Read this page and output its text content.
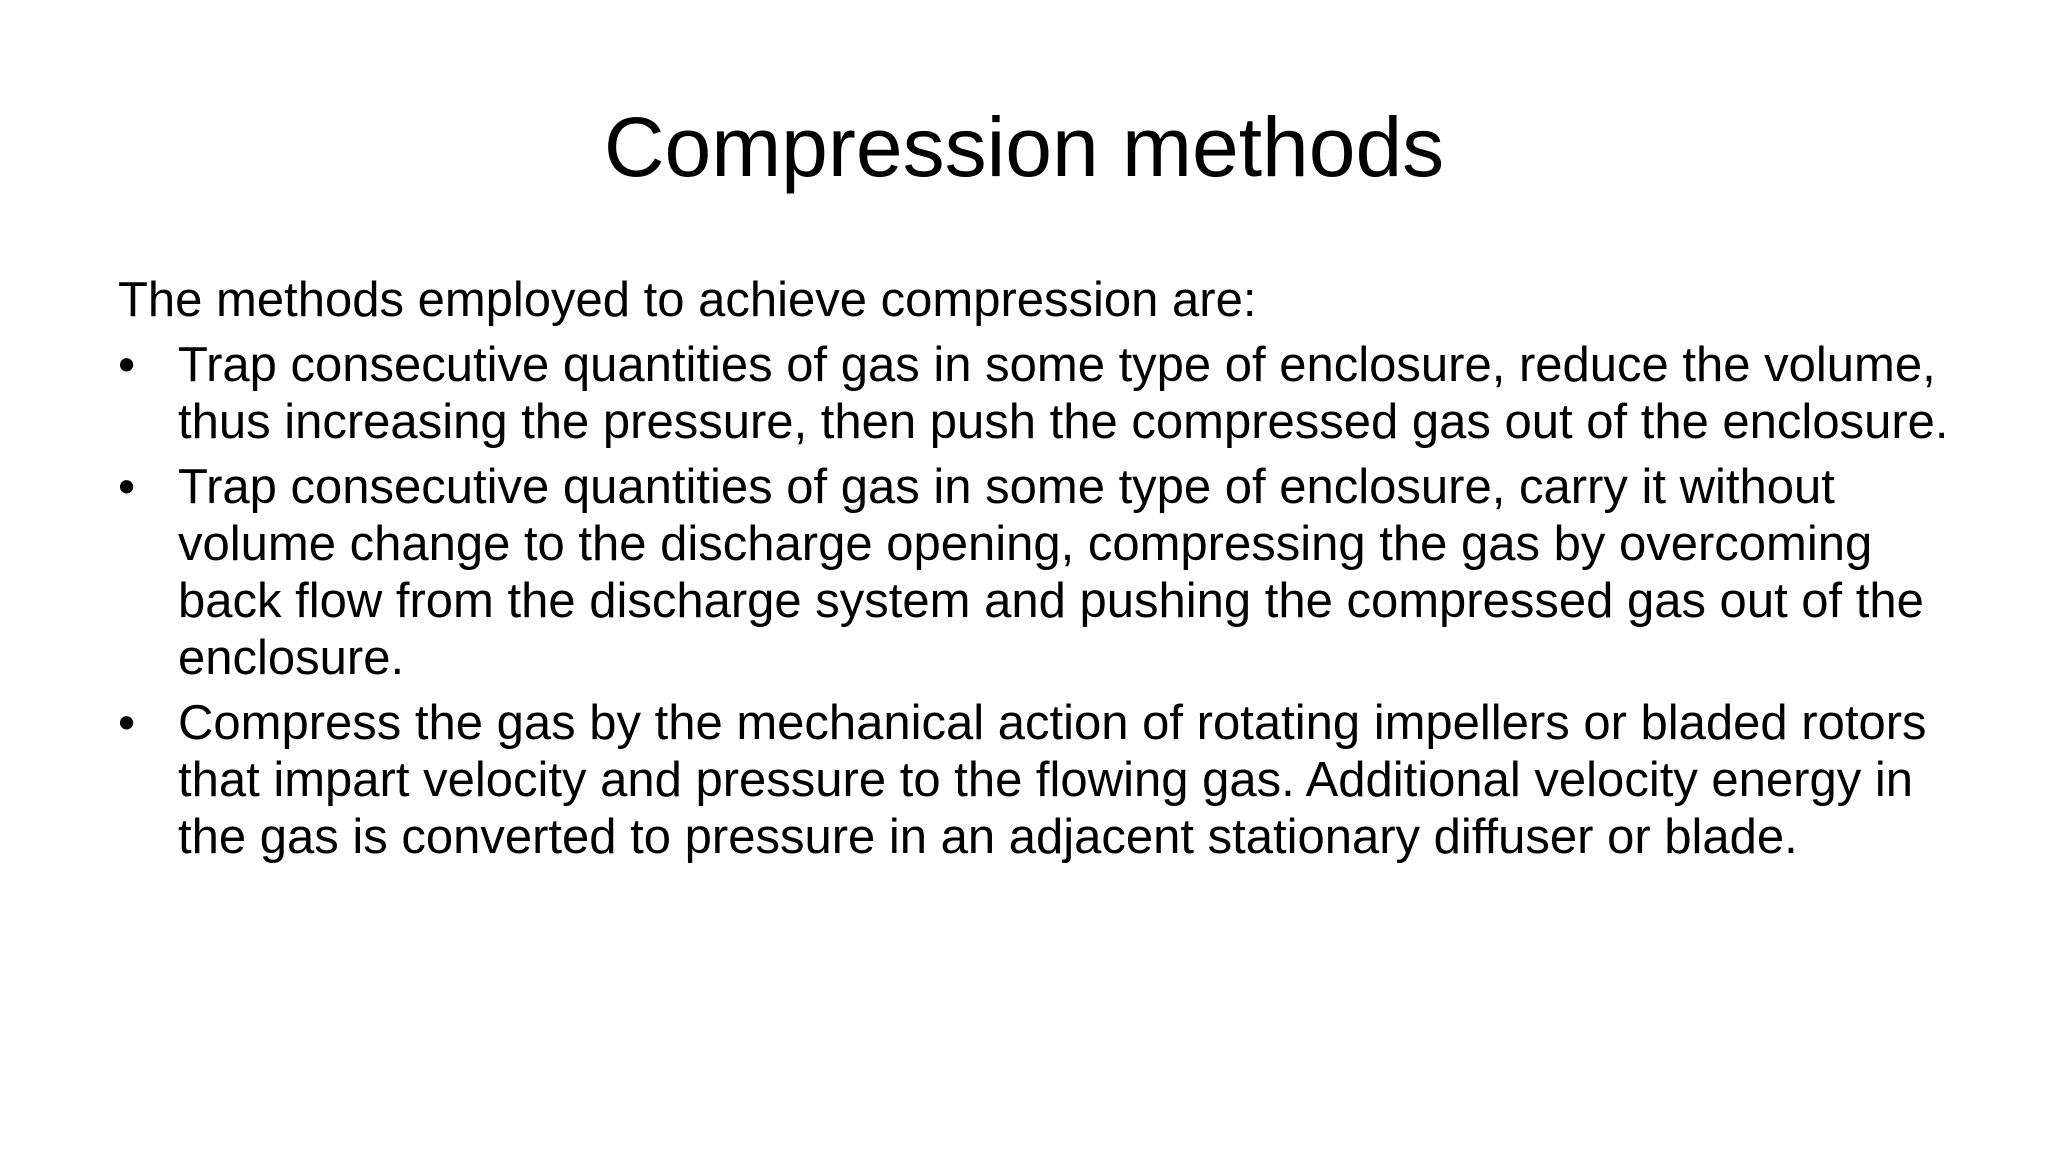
Compression methods

The methods employed to achieve compression are:

• Trap consecutive quantities of gas in some type of enclosure, reduce the volume, thus increasing the pressure, then push the compressed gas out of the enclosure.
• Trap consecutive quantities of gas in some type of enclosure, carry it without volume change to the discharge opening, compressing the gas by overcoming back flow from the discharge system and pushing the compressed gas out of the enclosure.
• Compress the gas by the mechanical action of rotating impellers or bladed rotors that impart velocity and pressure to the flowing gas. Additional velocity energy in the gas is converted to pressure in an adjacent stationary diffuser or blade.
